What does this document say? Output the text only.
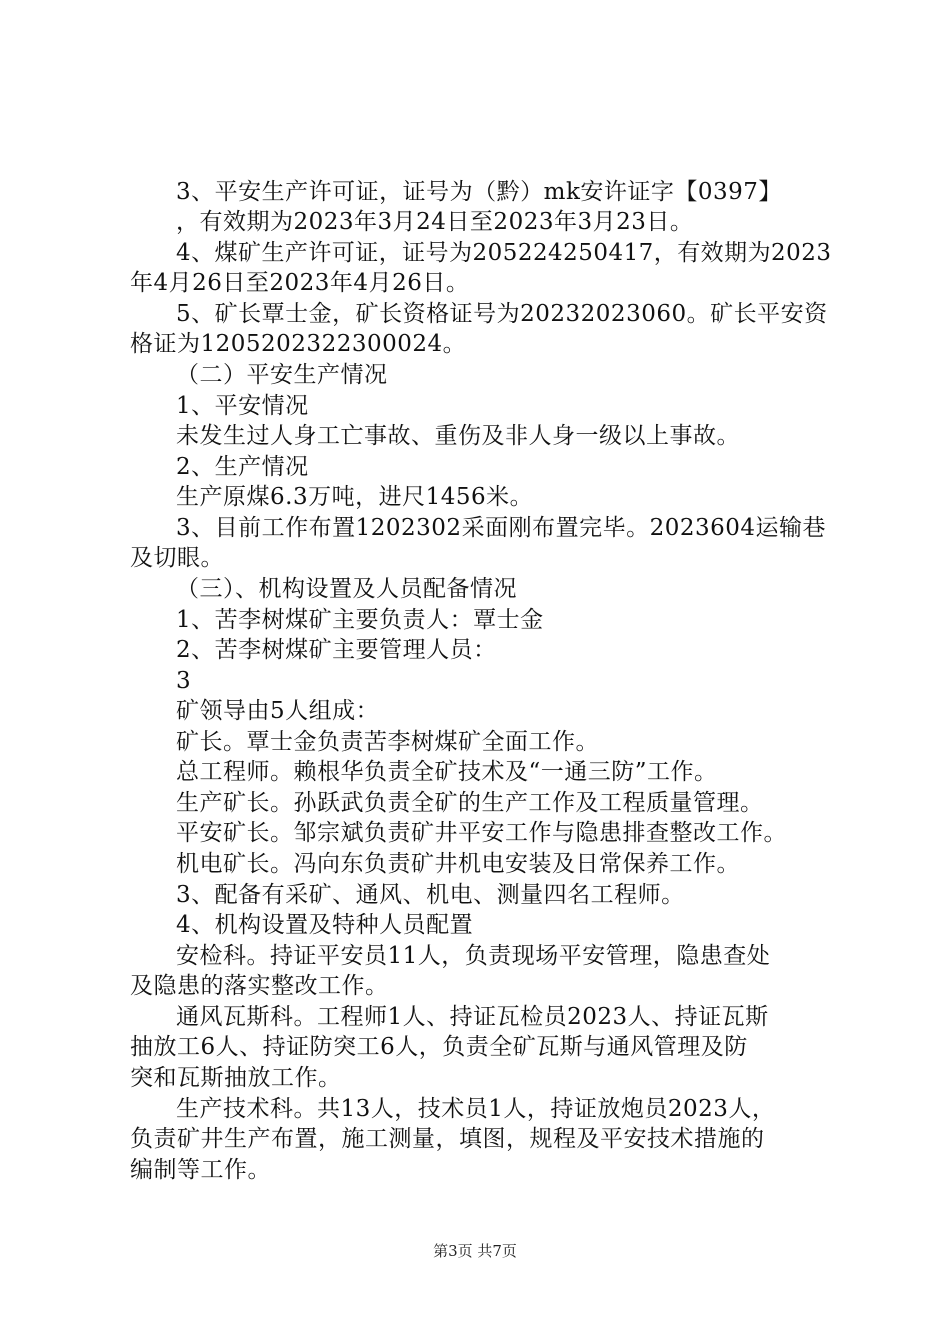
3、平安生产许可证，证号为（黔）mk安许证字【0397】
，有效期为2023年3月24日至2023年3月23日。
4、煤矿生产许可证，证号为205224250417，有效期为2023
年4月26日至2023年4月26日。
5、矿长覃士金，矿长资格证号为20232023060。矿长平安资
格证为1205202322300024。
（二）平安生产情况
1、平安情况
未发生过人身工亡事故、重伤及非人身一级以上事故。
2、生产情况
生产原煤6.3万吨，进尺1456米。
3、目前工作布置1202302采面刚布置完毕。2023604运输巷
及切眼。
（三）、机构设置及人员配备情况
1、苦李树煤矿主要负责人：覃士金
2、苦李树煤矿主要管理人员：
3
矿领导由5人组成：
矿长。覃士金负责苦李树煤矿全面工作。
总工程师。赖根华负责全矿技术及“一通三防”工作。
生产矿长。孙跃武负责全矿的生产工作及工程质量管理。
平安矿长。邹宗斌负责矿井平安工作与隐患排查整改工作。
机电矿长。冯向东负责矿井机电安装及日常保养工作。
3、配备有采矿、通风、机电、测量四名工程师。
4、机构设置及特种人员配置
安检科。持证平安员11人，负责现场平安管理，隐患查处
及隐患的落实整改工作。
通风瓦斯科。工程师1人、持证瓦检员2023人、持证瓦斯
抽放工6人、持证防突工6人，负责全矿瓦斯与通风管理及防
突和瓦斯抽放工作。
生产技术科。共13人，技术员1人，持证放炮员2023人，
负责矿井生产布置，施工测量，填图，规程及平安技术措施的
编制等工作。
第3页 共7页
